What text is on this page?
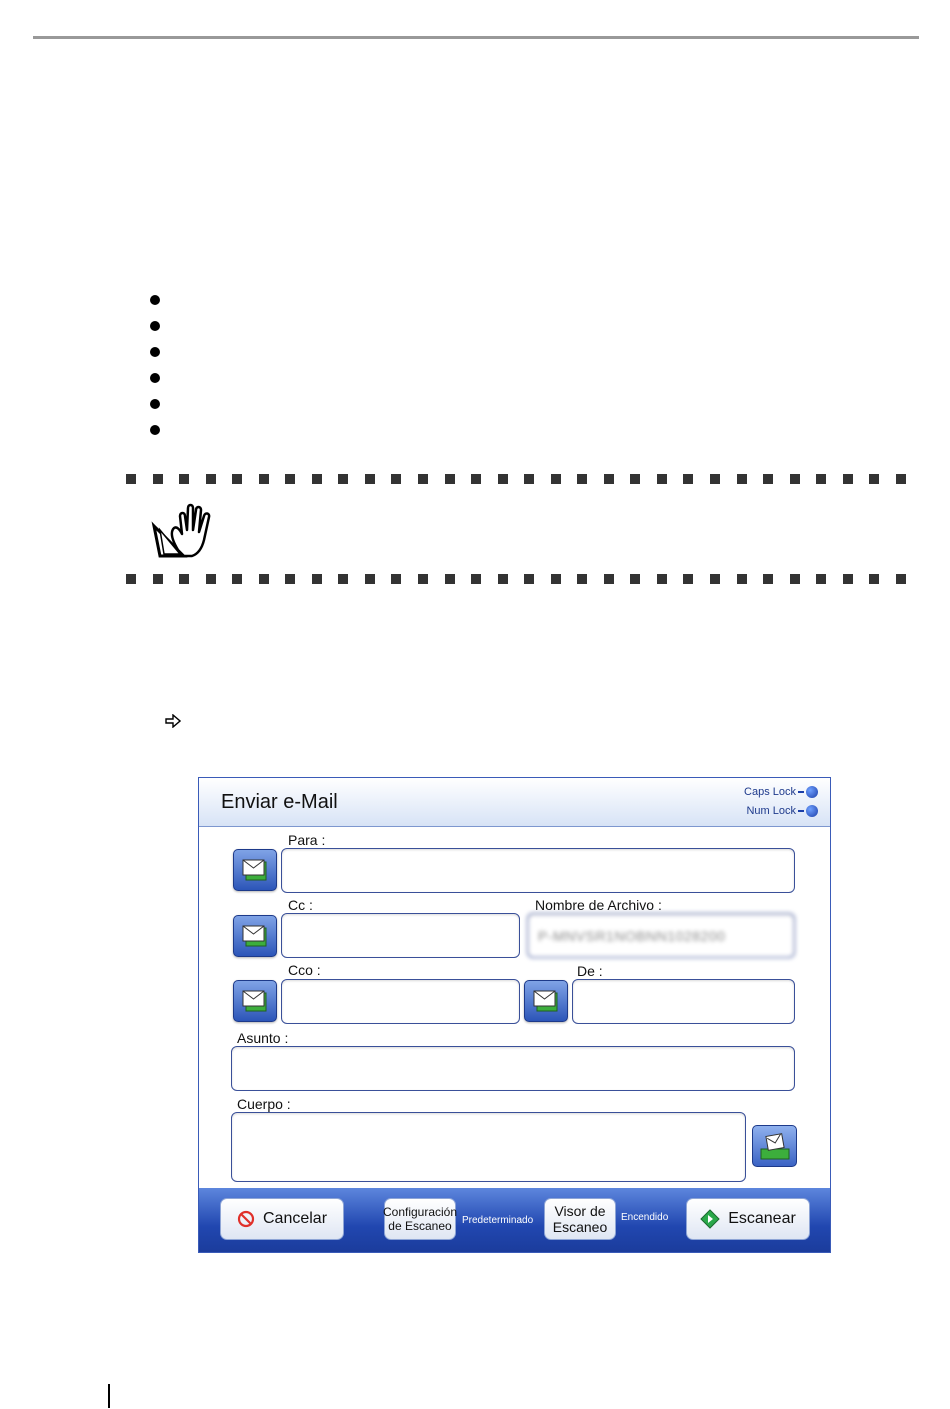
Enviar e-Mail	Caps Lock
Num Lock
Para :
Cc :	Nombre de Archivo :
P-MNVSR1NOBNN1028200
Cco :	De :
Asunto :
Cuerpo :
Cancelar	Configuración
de Escaneo Predeterminado
Visor de
Escaneo
Encendido	Escanear
